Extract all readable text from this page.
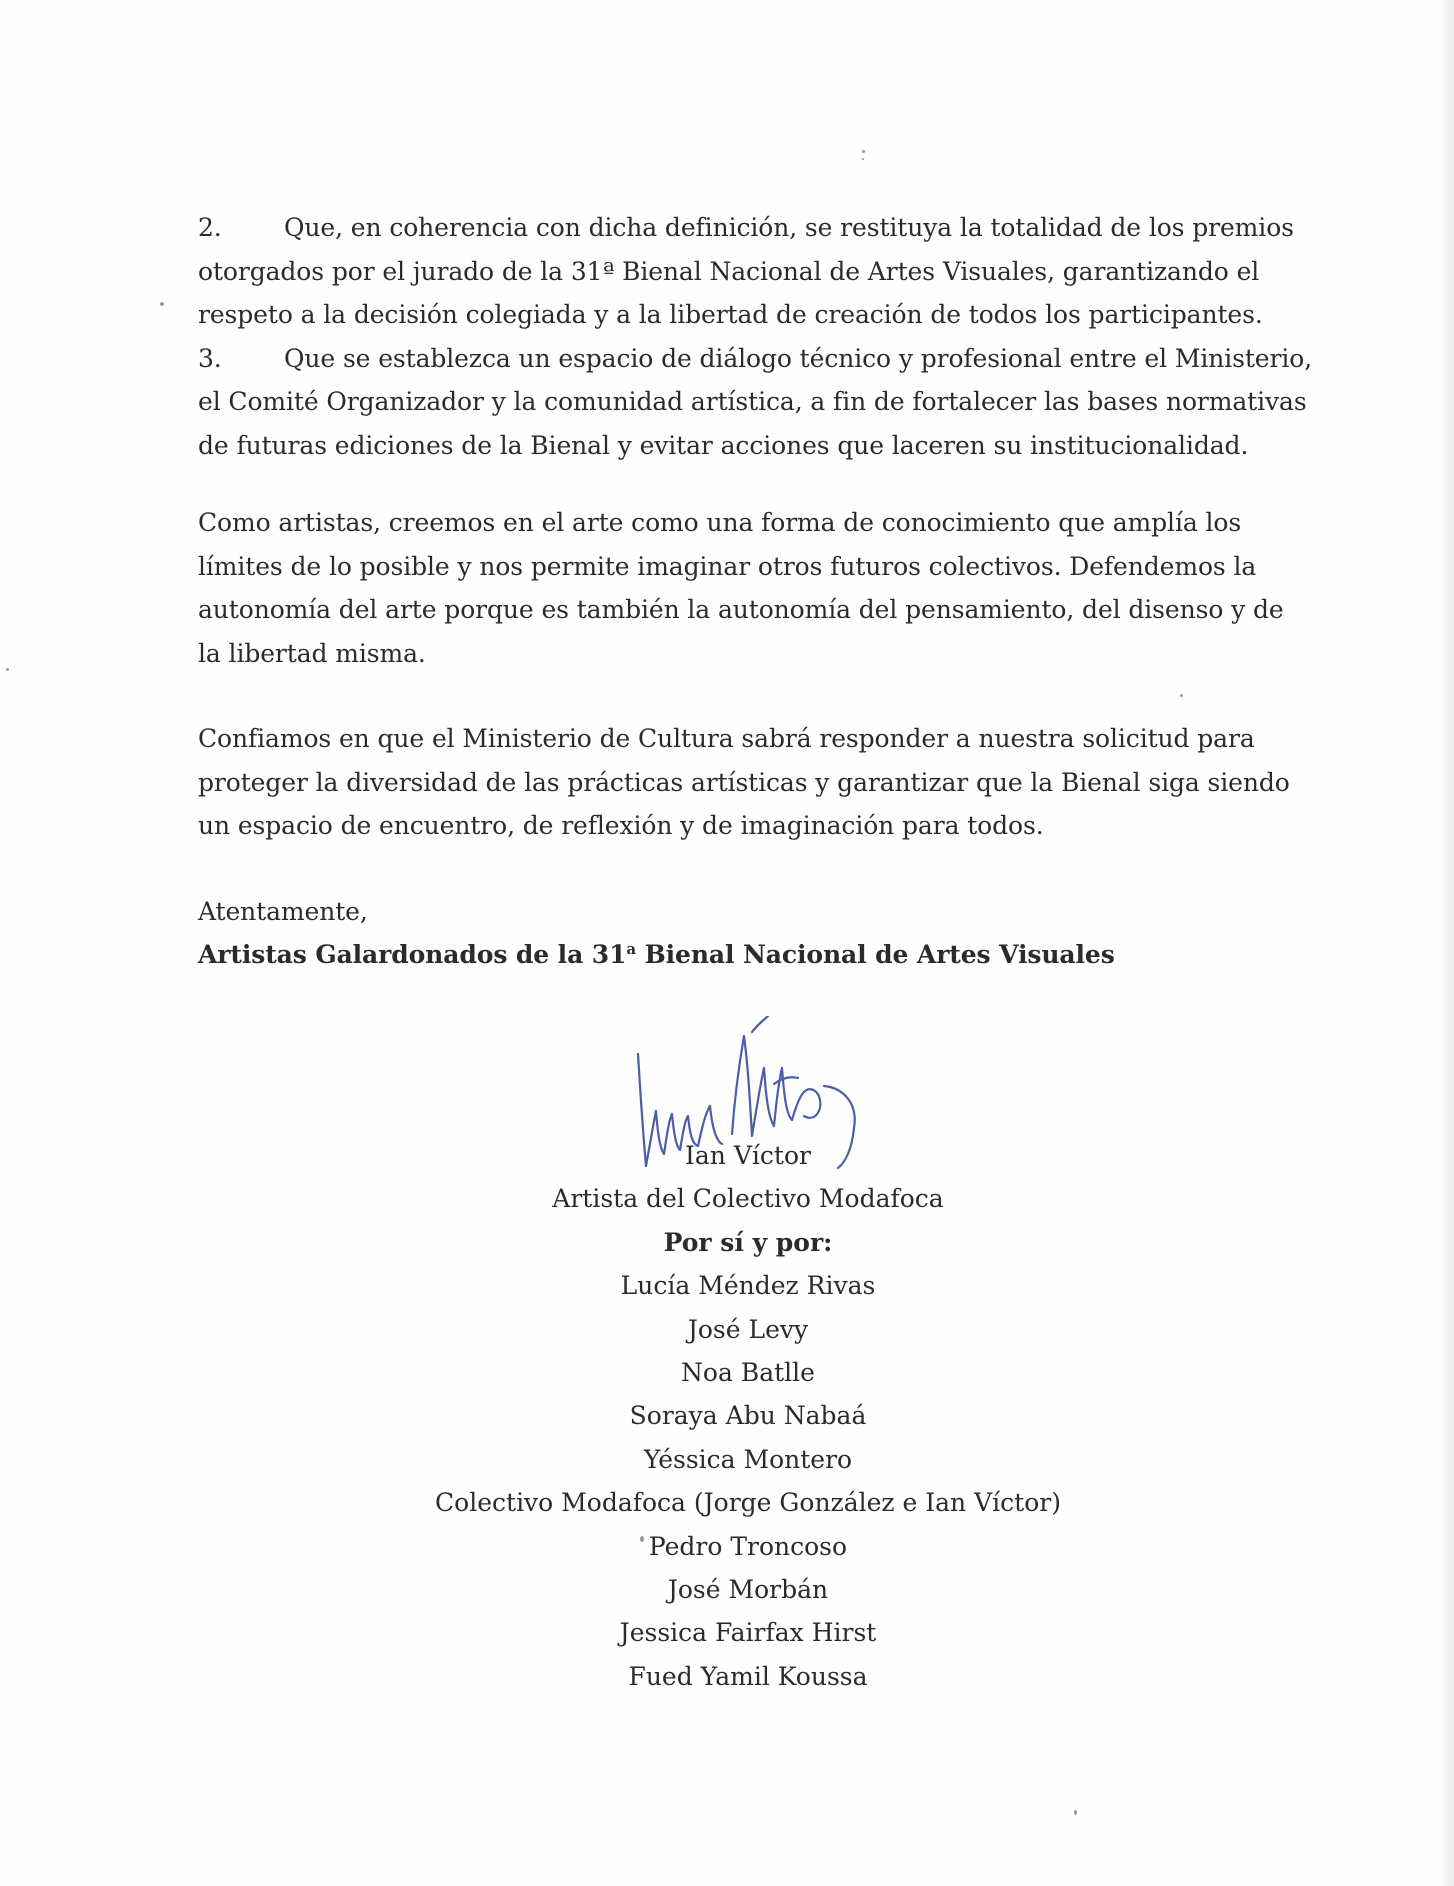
2. Que, en coherencia con dicha definición, se restituya la totalidad de los premios
otorgados por el jurado de la 31ª Bienal Nacional de Artes Visuales, garantizando el
respeto a la decisión colegiada y a la libertad de creación de todos los participantes.
3. Que se establezca un espacio de diálogo técnico y profesional entre el Ministerio,
el Comité Organizador y la comunidad artística, a fin de fortalecer las bases normativas
de futuras ediciones de la Bienal y evitar acciones que laceren su institucionalidad.
Como artistas, creemos en el arte como una forma de conocimiento que amplía los
límites de lo posible y nos permite imaginar otros futuros colectivos. Defendemos la
autonomía del arte porque es también la autonomía del pensamiento, del disenso y de
la libertad misma.
Confiamos en que el Ministerio de Cultura sabrá responder a nuestra solicitud para
proteger la diversidad de las prácticas artísticas y garantizar que la Bienal siga siendo
un espacio de encuentro, de reflexión y de imaginación para todos.
Atentamente,
Artistas Galardonados de la 31$^a$ Bienal Nacional de Artes Visuales
Ian Víctor
Artista del Colectivo Modafoca
Por sí y por:
Lucía Méndez Rivas
José Levy
Noa Batlle
Soraya Abu Nabaá
Yéssica Montero
Colectivo Modafoca (Jorge González e Ian Víctor)
Pedro Troncoso
José Morbán
Jessica Fairfax Hirst
Fued Yamil Koussa
